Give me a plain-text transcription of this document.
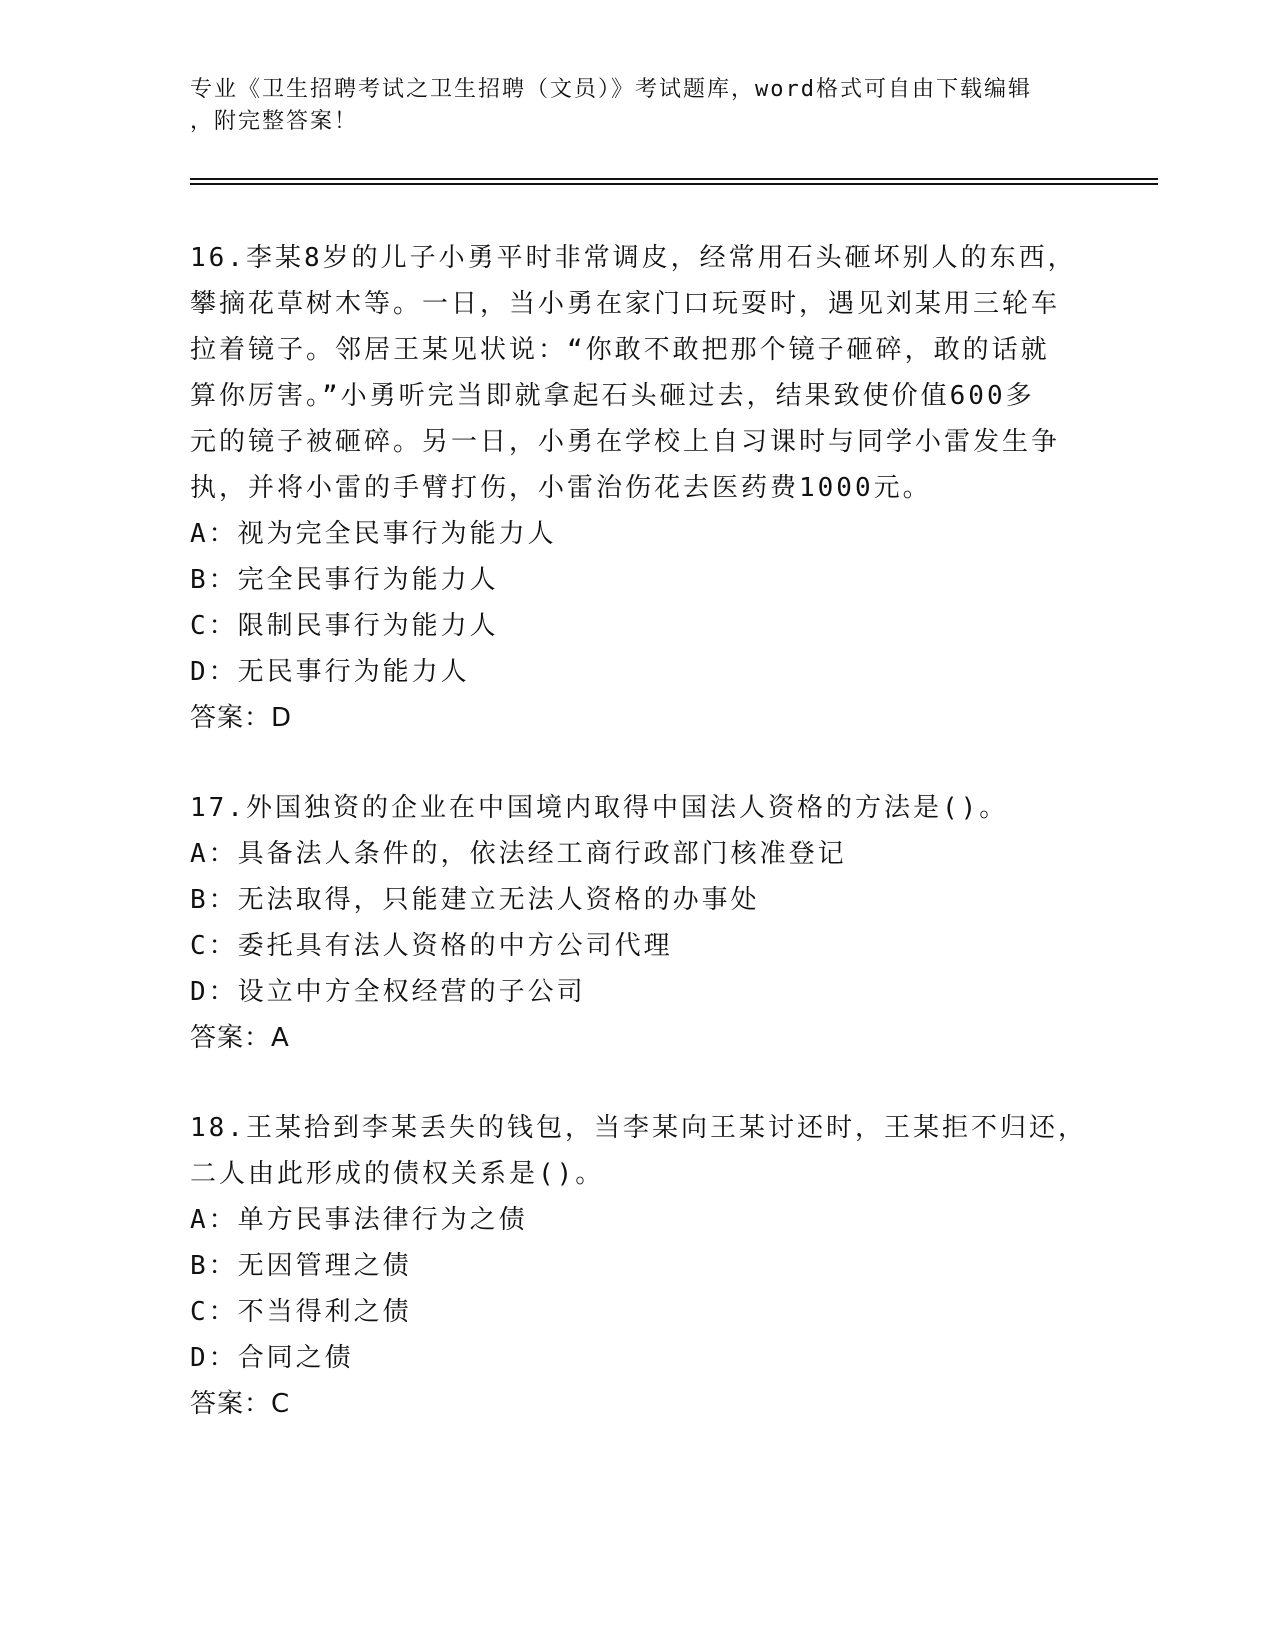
专业《卫生招聘考试之卫生招聘（文员）》考试题库，word格式可自由下载编辑
，附完整答案！
16.李某8岁的儿子小勇平时非常调皮，经常用石头砸坏别人的东西，
攀摘花草树木等。一日，当小勇在家门口玩耍时，遇见刘某用三轮车
拉着镜子。邻居王某见状说：“你敢不敢把那个镜子砸碎，敢的话就
算你厉害。”小勇听完当即就拿起石头砸过去，结果致使价值600多
元的镜子被砸碎。另一日，小勇在学校上自习课时与同学小雷发生争
执，并将小雷的手臂打伤，小雷治伤花去医药费1000元。
A：视为完全民事行为能力人
B：完全民事行为能力人
C：限制民事行为能力人
D：无民事行为能力人
答案：D
17.外国独资的企业在中国境内取得中国法人资格的方法是()。
A：具备法人条件的，依法经工商行政部门核准登记
B：无法取得，只能建立无法人资格的办事处
C：委托具有法人资格的中方公司代理
D：设立中方全权经营的子公司
答案：A
18.王某拾到李某丢失的钱包，当李某向王某讨还时，王某拒不归还，
二人由此形成的债权关系是()。
A：单方民事法律行为之债
B：无因管理之债
C：不当得利之债
D：合同之债
答案：C
